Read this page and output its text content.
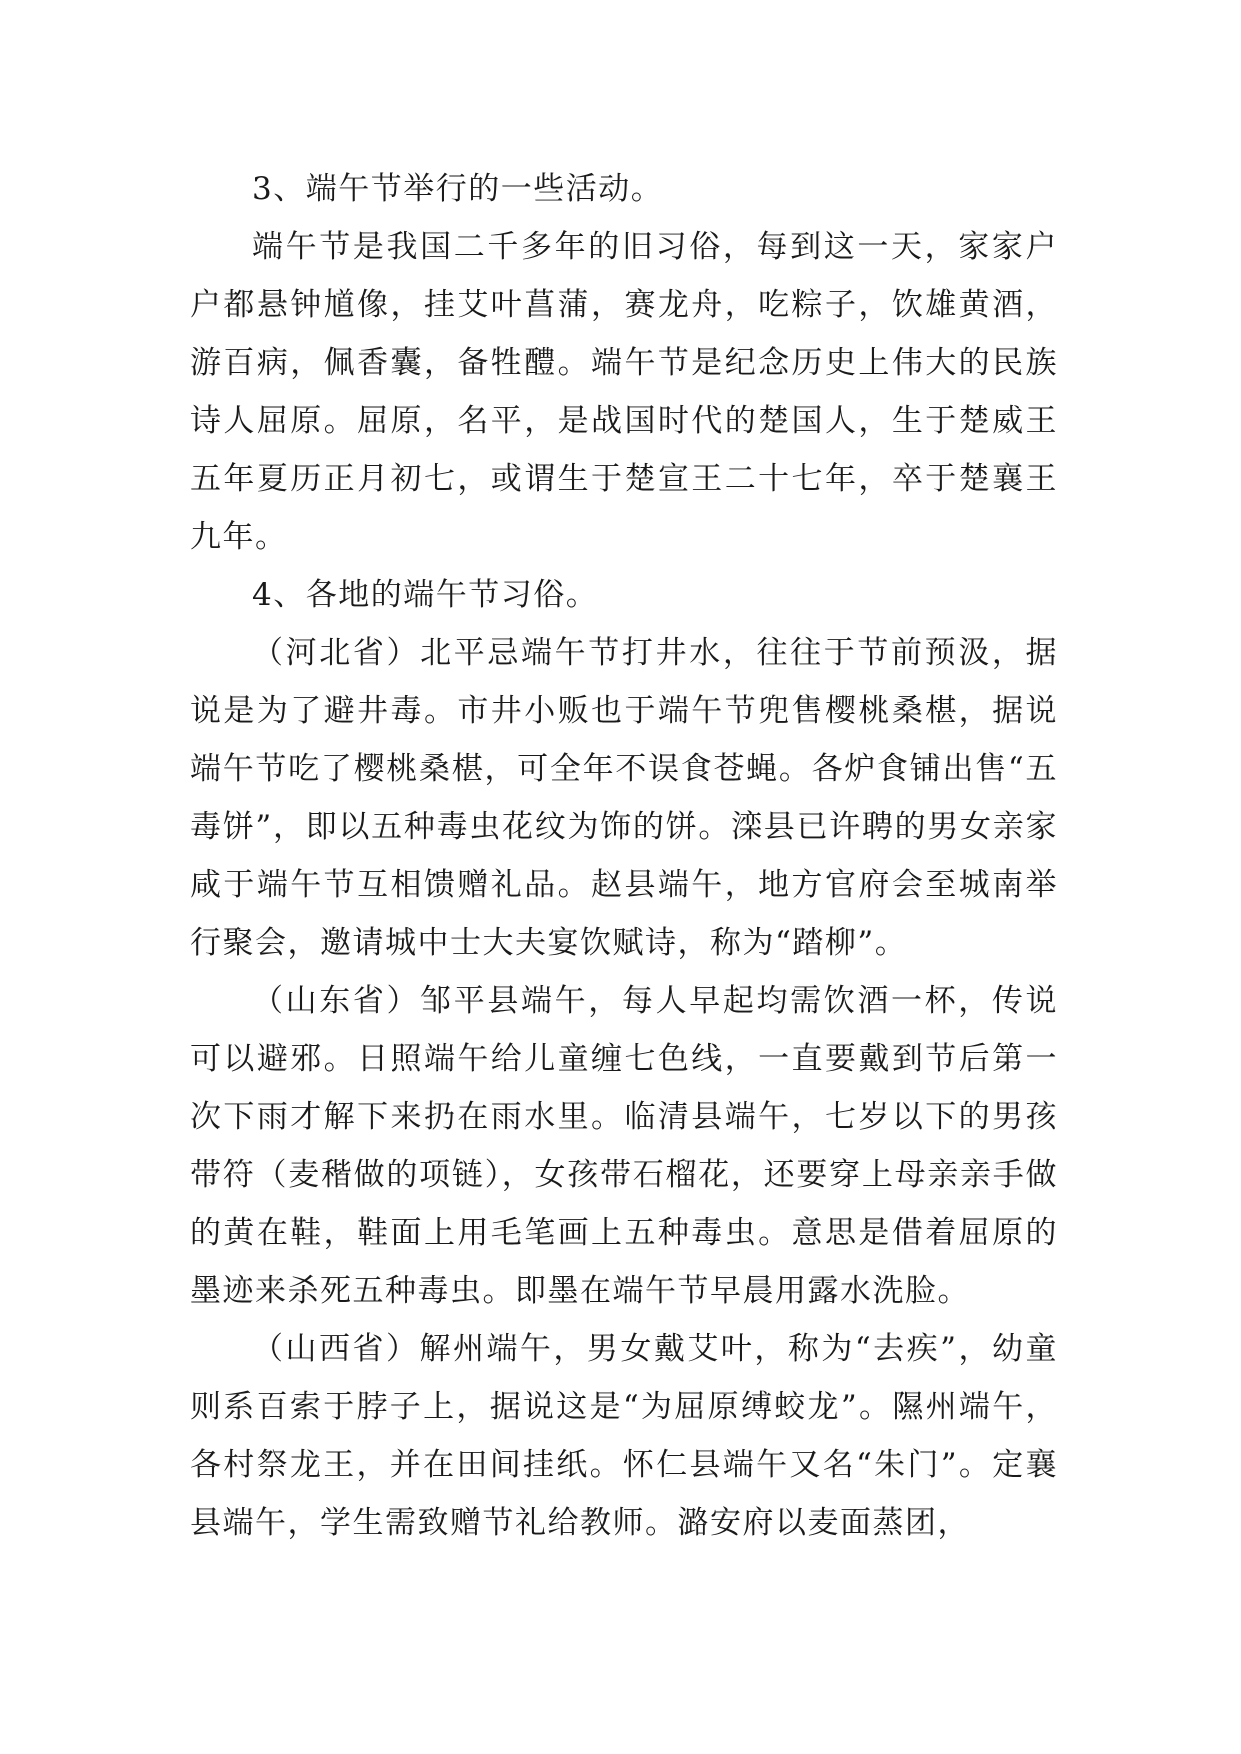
3、端午节举行的一些活动。

端午节是我国二千多年的旧习俗，每到这一天，家家户户都悬钟馗像，挂艾叶菖蒲，赛龙舟，吃粽子，饮雄黄酒，游百病，佩香囊，备牲醴。端午节是纪念历史上伟大的民族诗人屈原。屈原，名平，是战国时代的楚国人，生于楚威王五年夏历正月初七，或谓生于楚宣王二十七年，卒于楚襄王九年。

4、各地的端午节习俗。

（河北省）北平忌端午节打井水，往往于节前预汲，据说是为了避井毒。市井小贩也于端午节兜售樱桃桑椹，据说端午节吃了樱桃桑椹，可全年不误食苍蝇。各炉食铺出售“五毒饼”，即以五种毒虫花纹为饰的饼。滦县已许聘的男女亲家咸于端午节互相馈赠礼品。赵县端午，地方官府会至城南举行聚会，邀请城中士大夫宴饮赋诗，称为“踏柳”。

（山东省）邹平县端午，每人早起均需饮酒一杯，传说可以避邪。日照端午给儿童缠七色线，一直要戴到节后第一次下雨才解下来扔在雨水里。临清县端午，七岁以下的男孩带符（麦稭做的项链），女孩带石榴花，还要穿上母亲亲手做的黄在鞋，鞋面上用毛笔画上五种毒虫。意思是借着屈原的墨迹来杀死五种毒虫。即墨在端午节早晨用露水洗脸。

（山西省）解州端午，男女戴艾叶，称为“去疾”，幼童则系百索于脖子上，据说这是“为屈原缚蛟龙”。隰州端午，各村祭龙王，并在田间挂纸。怀仁县端午又名“朱门”。定襄县端午，学生需致赠节礼给教师。潞安府以麦面蒸团，
